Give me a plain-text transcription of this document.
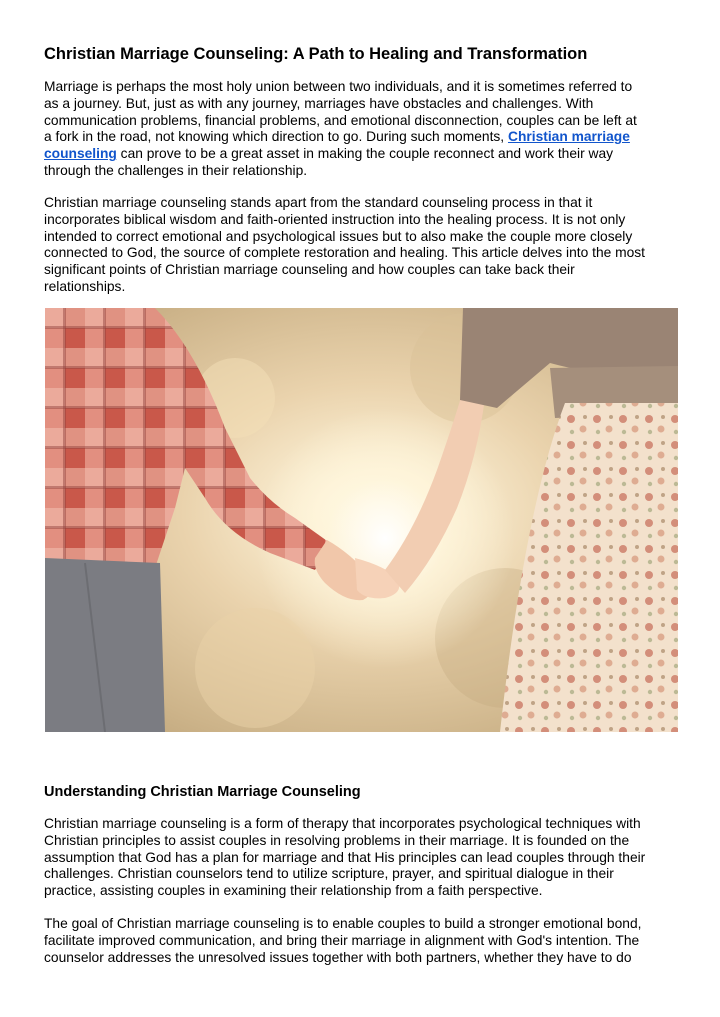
Christian Marriage Counseling: A Path to Healing and Transformation
Marriage is perhaps the most holy union between two individuals, and it is sometimes referred to
as a journey. But, just as with any journey, marriages have obstacles and challenges. With
communication problems, financial problems, and emotional disconnection, couples can be left at
a fork in the road, not knowing which direction to go. During such moments, Christian marriage
counseling can prove to be a great asset in making the couple reconnect and work their way
through the challenges in their relationship.
Christian marriage counseling stands apart from the standard counseling process in that it
incorporates biblical wisdom and faith-oriented instruction into the healing process. It is not only
intended to correct emotional and psychological issues but to also make the couple more closely
connected to God, the source of complete restoration and healing. This article delves into the most
significant points of Christian marriage counseling and how couples can take back their
relationships.
Understanding Christian Marriage Counseling
Christian marriage counseling is a form of therapy that incorporates psychological techniques with
Christian principles to assist couples in resolving problems in their marriage. It is founded on the
assumption that God has a plan for marriage and that His principles can lead couples through their
challenges. Christian counselors tend to utilize scripture, prayer, and spiritual dialogue in their
practice, assisting couples in examining their relationship from a faith perspective.
The goal of Christian marriage counseling is to enable couples to build a stronger emotional bond,
facilitate improved communication, and bring their marriage in alignment with God's intention. The
counselor addresses the unresolved issues together with both partners, whether they have to do
